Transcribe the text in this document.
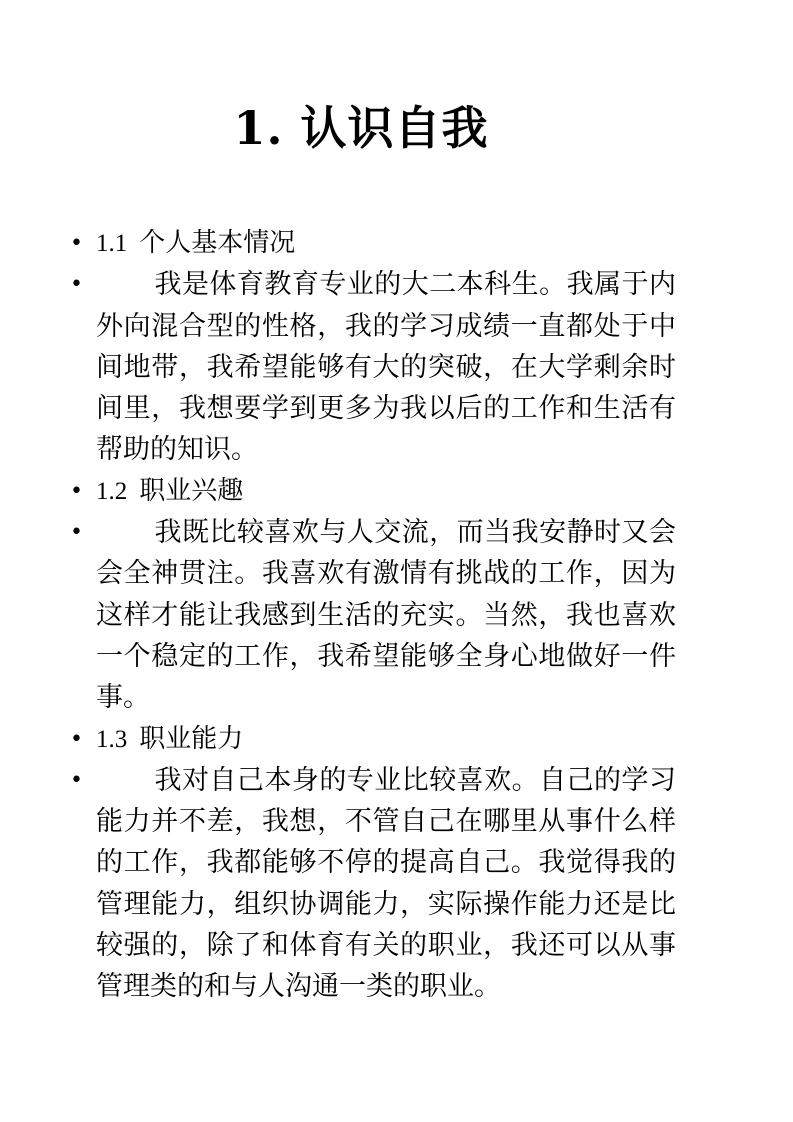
1. 认识自我
• 1.1 个人基本情况
•	我是体育教育专业的大二本科生。我属于内外向混合型的性格，我的学习成绩一直都处于中间地带，我希望能够有大的突破，在大学剩余时间里，我想要学到更多为我以后的工作和生活有帮助的知识。
• 1.2 职业兴趣
•	我既比较喜欢与人交流，而当我安静时又会会全神贯注。我喜欢有激情有挑战的工作，因为这样才能让我感到生活的充实。当然，我也喜欢一个稳定的工作，我希望能够全身心地做好一件事。
• 1.3 职业能力
•	我对自己本身的专业比较喜欢。自己的学习能力并不差，我想，不管自己在哪里从事什么样的工作，我都能够不停的提高自己。我觉得我的管理能力，组织协调能力，实际操作能力还是比较强的，除了和体育有关的职业，我还可以从事管理类的和与人沟通一类的职业。
